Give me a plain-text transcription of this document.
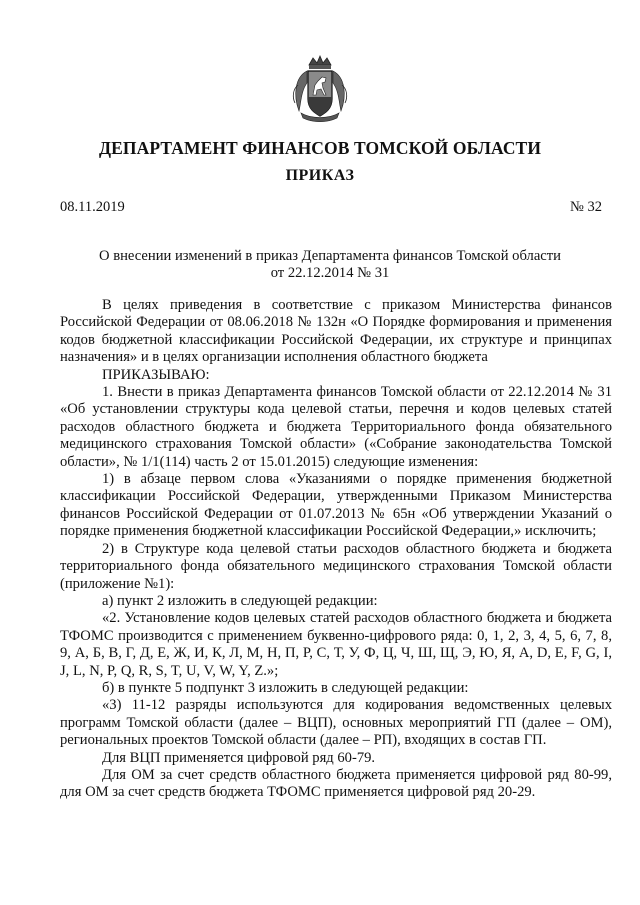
ДЕПАРТАМЕНТ ФИНАНСОВ ТОМСКОЙ ОБЛАСТИ
ПРИКАЗ
08.11.2019	№ 32
О внесении изменений в приказ Департамента финансов Томской области
от 22.12.2014 № 31

В целях приведения в соответствие с приказом Министерства финансов Российской Федерации от 08.06.2018 № 132н «О Порядке формирования и применения кодов бюджетной классификации Российской Федерации, их структуре и принципах назначения» и в целях организации исполнения областного бюджета

ПРИКАЗЫВАЮ:

1. Внести в приказ Департамента финансов Томской области от 22.12.2014 № 31 «Об установлении структуры кода целевой статьи, перечня и кодов целевых статей расходов областного бюджета и бюджета Территориального фонда обязательного медицинского страхования Томской области» («Собрание законодательства Томской области», № 1/1(114) часть 2 от 15.01.2015) следующие изменения:

1) в абзаце первом слова «Указаниями о порядке применения бюджетной классификации Российской Федерации, утвержденными Приказом Министерства финансов Российской Федерации от 01.07.2013 № 65н «Об утверждении Указаний о порядке применения бюджетной классификации Российской Федерации,» исключить;

2) в Структуре кода целевой статьи расходов областного бюджета и бюджета территориального фонда обязательного медицинского страхования Томской области (приложение №1):

а) пункт 2 изложить в следующей редакции:

«2. Установление кодов целевых статей расходов областного бюджета и бюджета ТФОМС производится с применением буквенно-цифрового ряда: 0, 1, 2, 3, 4, 5, 6, 7, 8, 9, А, Б, В, Г, Д, Е, Ж, И, К, Л, М, Н, П, Р, С, Т, У, Ф, Ц, Ч, Ш, Щ, Э, Ю, Я, A, D, E, F, G, I, J, L, N, P, Q, R, S, T, U, V, W, Y, Z.»;

б) в пункте 5 подпункт 3 изложить в следующей редакции:

«3) 11-12 разряды используются для кодирования ведомственных целевых программ Томской области (далее – ВЦП), основных мероприятий ГП (далее – ОМ), региональных проектов Томской области (далее – РП), входящих в состав ГП.

Для ВЦП применяется цифровой ряд 60-79.

Для ОМ за счет средств областного бюджета применяется цифровой ряд 80-99, для ОМ за счет средств бюджета ТФОМС применяется цифровой ряд 20-29.
